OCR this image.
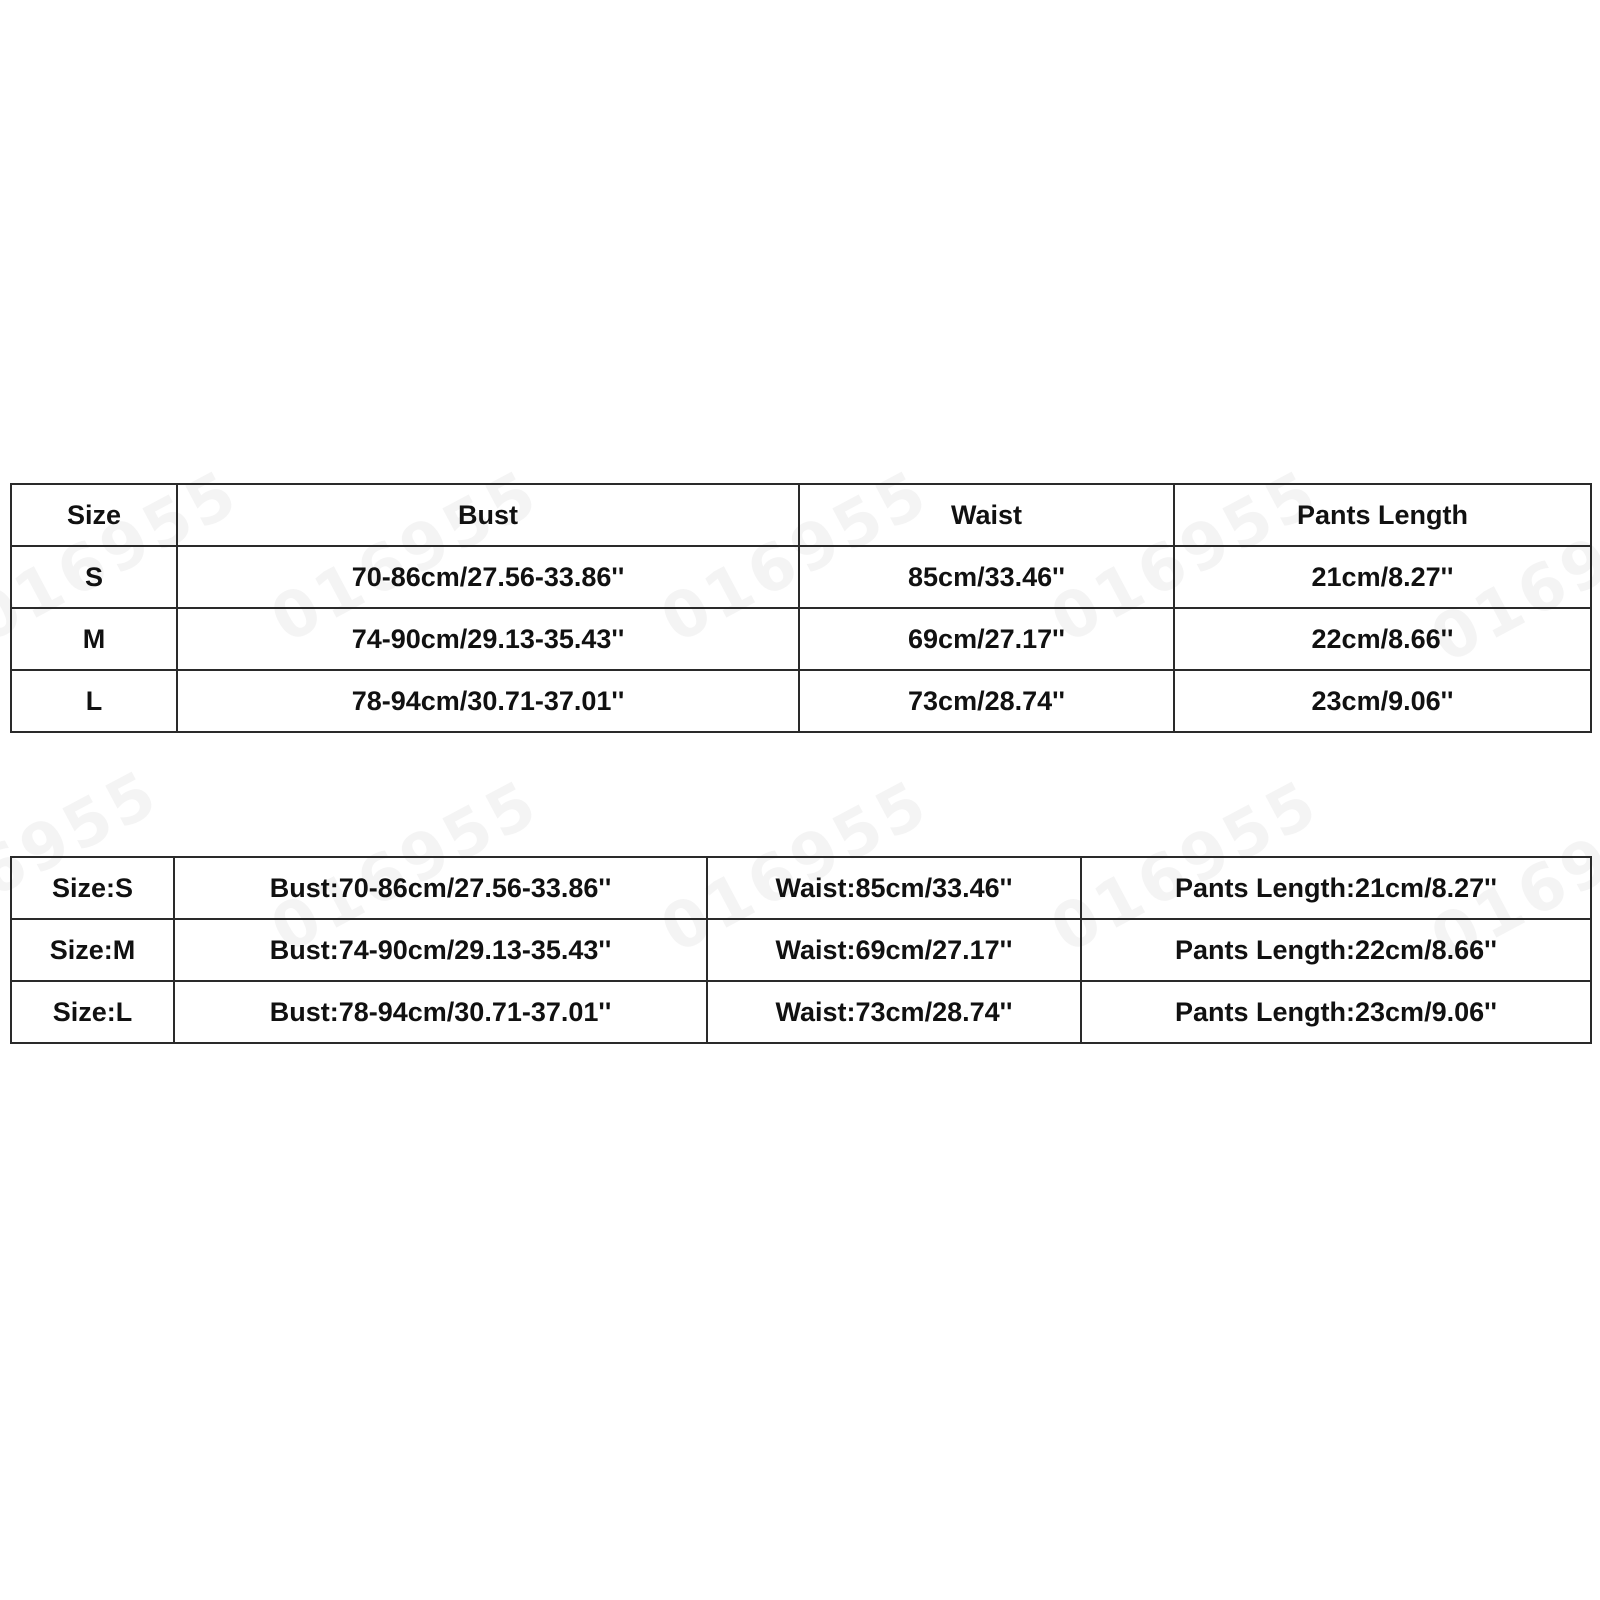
Size	Bust	Waist	Pants Length
S	70-86cm/27.56-33.86''	85cm/33.46''	21cm/8.27''
M	74-90cm/29.13-35.43''	69cm/27.17''	22cm/8.66''
L	78-94cm/30.71-37.01''	73cm/28.74''	23cm/9.06''
Size:S	Bust:70-86cm/27.56-33.86''	Waist:85cm/33.46''	Pants Length:21cm/8.27''
Size:M	Bust:74-90cm/29.13-35.43''	Waist:69cm/27.17''	Pants Length:22cm/8.66''
Size:L	Bust:78-94cm/30.71-37.01''	Waist:73cm/28.74''	Pants Length:23cm/9.06''
